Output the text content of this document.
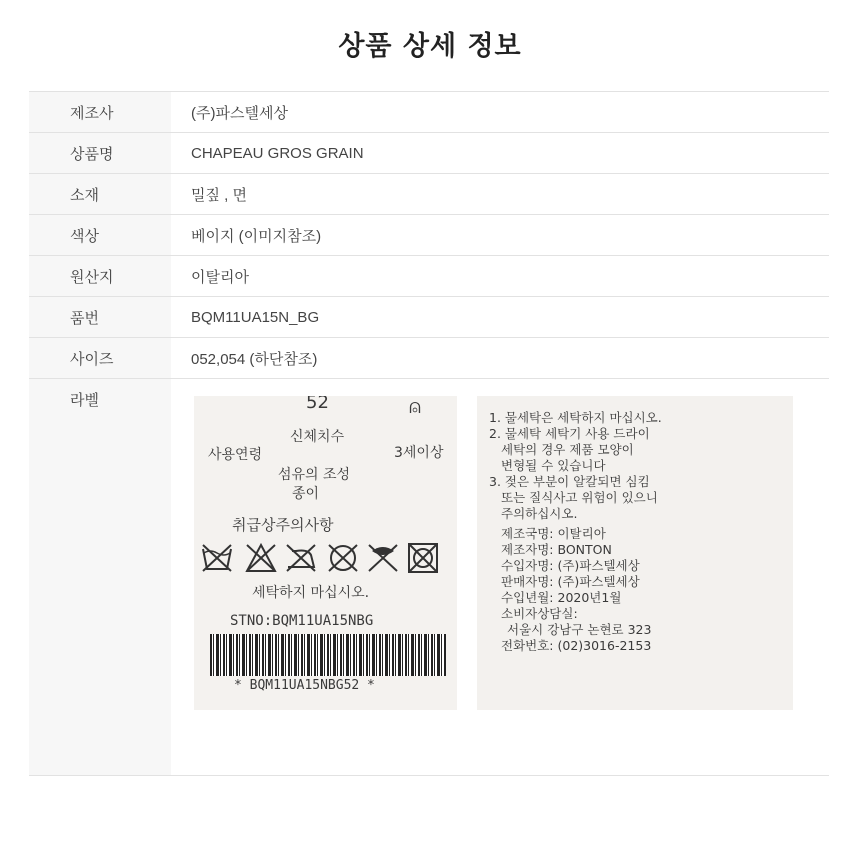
상품 상세 정보
제조사	(주)파스텔세상
상품명	CHAPEAU GROS GRAIN
소재	밀짚 , 면
색상	베이지 (이미지참조)
원산지	이탈리아
품번	BQM11UA15N_BG
사이즈	052,054 (하단참조)
라벨	52	⍝
신체치수
사용연령	3세이상
섬유의 조성
종이
취급상주의사항
세탁하지 마십시오.
STNO:BQM11UA15NBG
* BQM11UA15NBG52 *
1. 물세탁은 세탁하지 마십시오.
2. 물세탁 세탁기 사용 드라이
세탁의 경우 제품 모양이
변형될 수 있습니다
3. 젖은 부분이 알칼되면 심킴
또는 질식사고 위험이 있으니
주의하십시오.
제조국명: 이탈리아
제조자명: BONTON
수입자명: (주)파스텔세상
판매자명: (주)파스텔세상
수입년월: 2020년1월
소비자상담실:
서울시 강남구 논현로 323
전화번호: (02)3016-2153
